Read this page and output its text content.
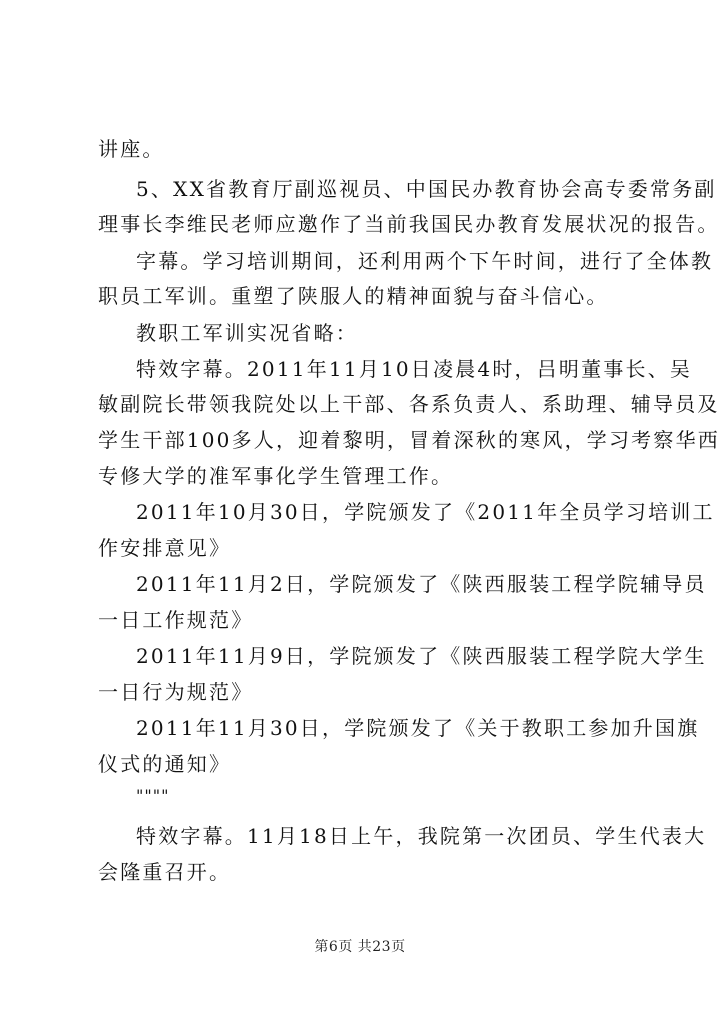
讲座。
5、XX省教育厅副巡视员、中国民办教育协会高专委常务副
理事长李维民老师应邀作了当前我国民办教育发展状况的报告。
字幕。学习培训期间，还利用两个下午时间，进行了全体教
职员工军训。重塑了陕服人的精神面貌与奋斗信心。
教职工军训实况省略：
特效字幕。2011年11月10日凌晨4时，吕明董事长、吴
敏副院长带领我院处以上干部、各系负责人、系助理、辅导员及
学生干部100多人，迎着黎明，冒着深秋的寒风，学习考察华西
专修大学的准军事化学生管理工作。
2011年10月30日，学院颁发了《2011年全员学习培训工
作安排意见》
2011年11月2日，学院颁发了《陕西服装工程学院辅导员
一日工作规范》
2011年11月9日，学院颁发了《陕西服装工程学院大学生
一日行为规范》
2011年11月30日，学院颁发了《关于教职工参加升国旗
仪式的通知》
""""
特效字幕。11月18日上午，我院第一次团员、学生代表大
会隆重召开。
第6页 共23页
